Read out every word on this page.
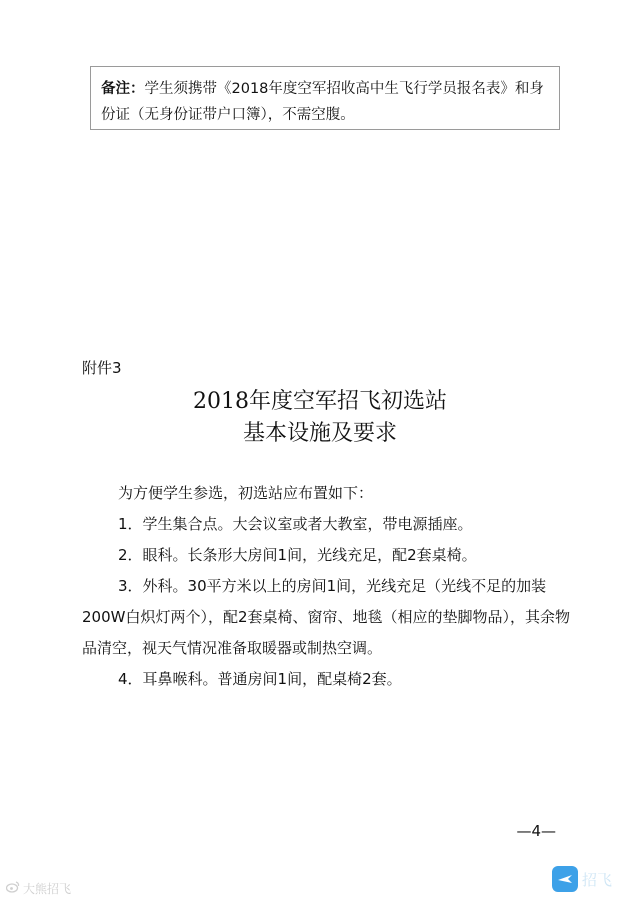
备注：学生须携带《2018年度空军招收高中生飞行学员报名表》和身份证（无身份证带户口簿），不需空腹。
附件3
2018年度空军招飞初选站
基本设施及要求

为方便学生参选，初选站应布置如下：

1．学生集合点。大会议室或者大教室，带电源插座。

2．眼科。长条形大房间1间，光线充足，配2套桌椅。

3．外科。30平方米以上的房间1间，光线充足（光线不足的加装200W白炽灯两个），配2套桌椅、窗帘、地毯（相应的垫脚物品），其余物品清空，视天气情况准备取暖器或制热空调。

4．耳鼻喉科。普通房间1间，配桌椅2套。

—4—
大熊招飞
招飞
